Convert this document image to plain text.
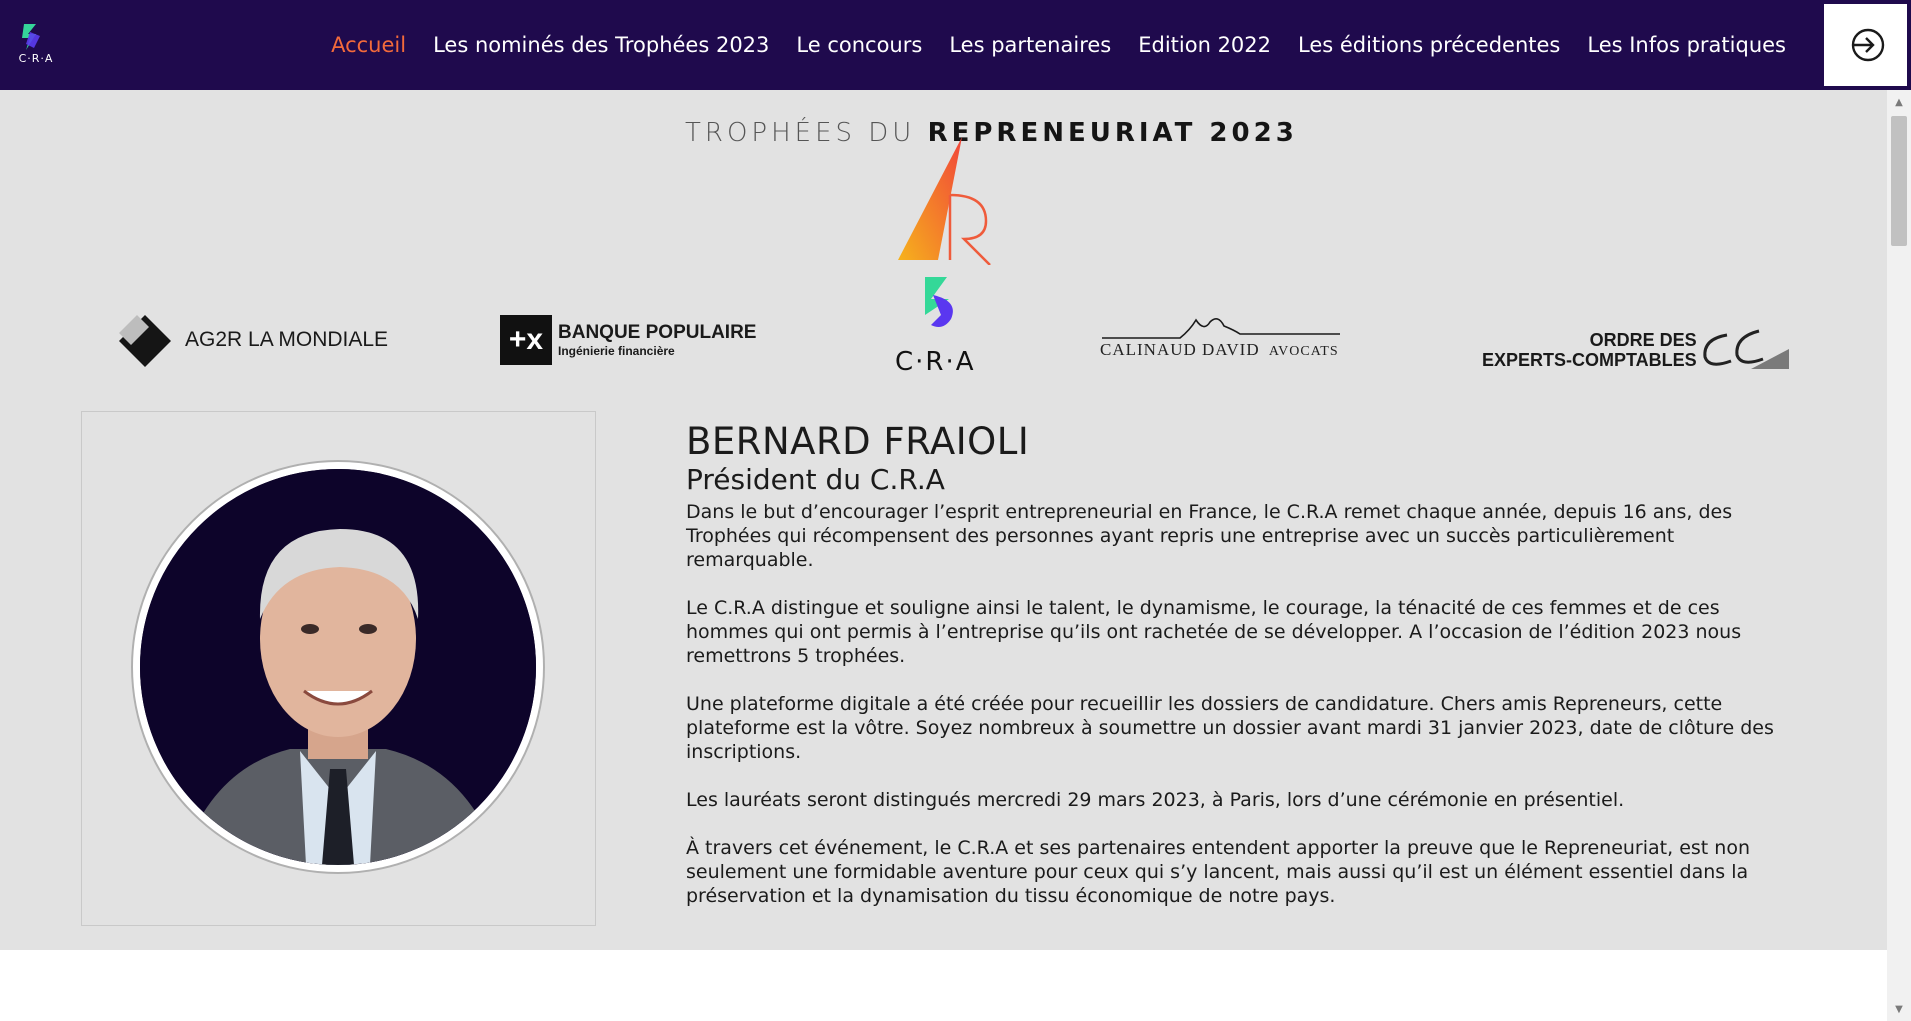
C·R·A
Accueil Les nominés des Trophées 2023 Le concours Les partenaires Edition 2022 Les éditions précedentes Les Infos pratiques
TROPHÉES DU REPRENEURIAT 2023
C·R·A
AG2R LA MONDIALE	+x BANQUE POPULAIRE
Ingénierie financière	CALINAUD DAVID AVOCATS
ORDRE DES
EXPERTS-COMPTABLES
BERNARD FRAIOLI
Président du C.R.A

Dans le but d’encourager l’esprit entrepreneurial en France, le C.R.A remet chaque année, depuis 16 ans, des Trophées qui récompensent des personnes ayant repris une entreprise avec un succès particulièrement remarquable.

Le C.R.A distingue et souligne ainsi le talent, le dynamisme, le courage, la ténacité de ces femmes et de ces hommes qui ont permis à l’entreprise qu’ils ont rachetée de se développer. A l’occasion de l’édition 2023 nous remettrons 5 trophées.

Une plateforme digitale a été créée pour recueillir les dossiers de candidature. Chers amis Repreneurs, cette plateforme est la vôtre. Soyez nombreux à soumettre un dossier avant mardi 31 janvier 2023, date de clôture des inscriptions.

Les lauréats seront distingués mercredi 29 mars 2023, à Paris, lors d’une cérémonie en présentiel.

À travers cet événement, le C.R.A et ses partenaires entendent apporter la preuve que le Repreneuriat, est non seulement une formidable aventure pour ceux qui s’y lancent, mais aussi qu’il est un élément essentiel dans la préservation et la dynamisation du tissu économique de notre pays.

▲
▼
